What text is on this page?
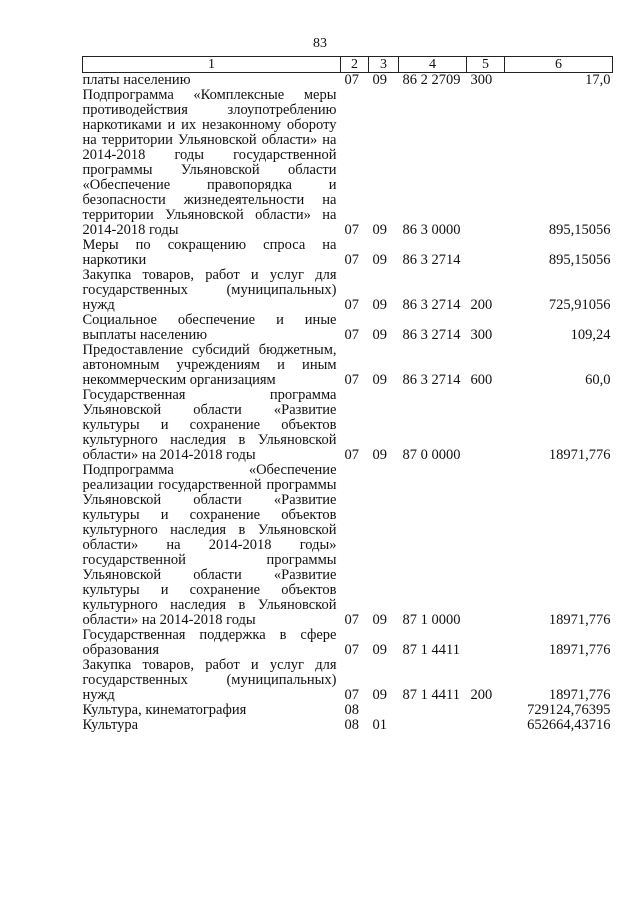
83
1	2	3	4	5	6
платы населению	07	09	86 2 2709	300	17,0
Подпрограмма «Комплексные меры противодействия злоупотреблению наркотиками и их незаконному обороту на территории Ульяновской области» на 2014-2018 годы государственной программы Ульяновской области «Обеспечение правопорядка и безопасности жизнедеятельности на территории Ульяновской области» на 2014-2018 годы	07	09	86 3 0000		895,15056
Меры по сокращению спроса на наркотики	07	09	86 3 2714		895,15056
Закупка товаров, работ и услуг для государственных (муниципальных) нужд	07	09	86 3 2714	200	725,91056
Социальное обеспечение и иные выплаты населению	07	09	86 3 2714	300	109,24
Предоставление субсидий бюджетным, автономным учреждениям и иным некоммерческим организациям	07	09	86 3 2714	600	60,0
Государственная программа Ульяновской области «Развитие культуры и сохранение объектов культурного наследия в Ульяновской области» на 2014-2018 годы	07	09	87 0 0000		18971,776
Подпрограмма «Обеспечение реализации государственной программы Ульяновской области «Развитие культуры и сохранение объектов культурного наследия в Ульяновской области» на 2014-2018 годы» государственной программы Ульяновской области «Развитие культуры и сохранение объектов культурного наследия в Ульяновской области» на 2014-2018 годы	07	09	87 1 0000		18971,776
Государственная поддержка в сфере образования	07	09	87 1 4411		18971,776
Закупка товаров, работ и услуг для государственных (муниципальных) нужд	07	09	87 1 4411	200	18971,776
Культура, кинематография	08				729124,76395
Культура	08	01			652664,43716
